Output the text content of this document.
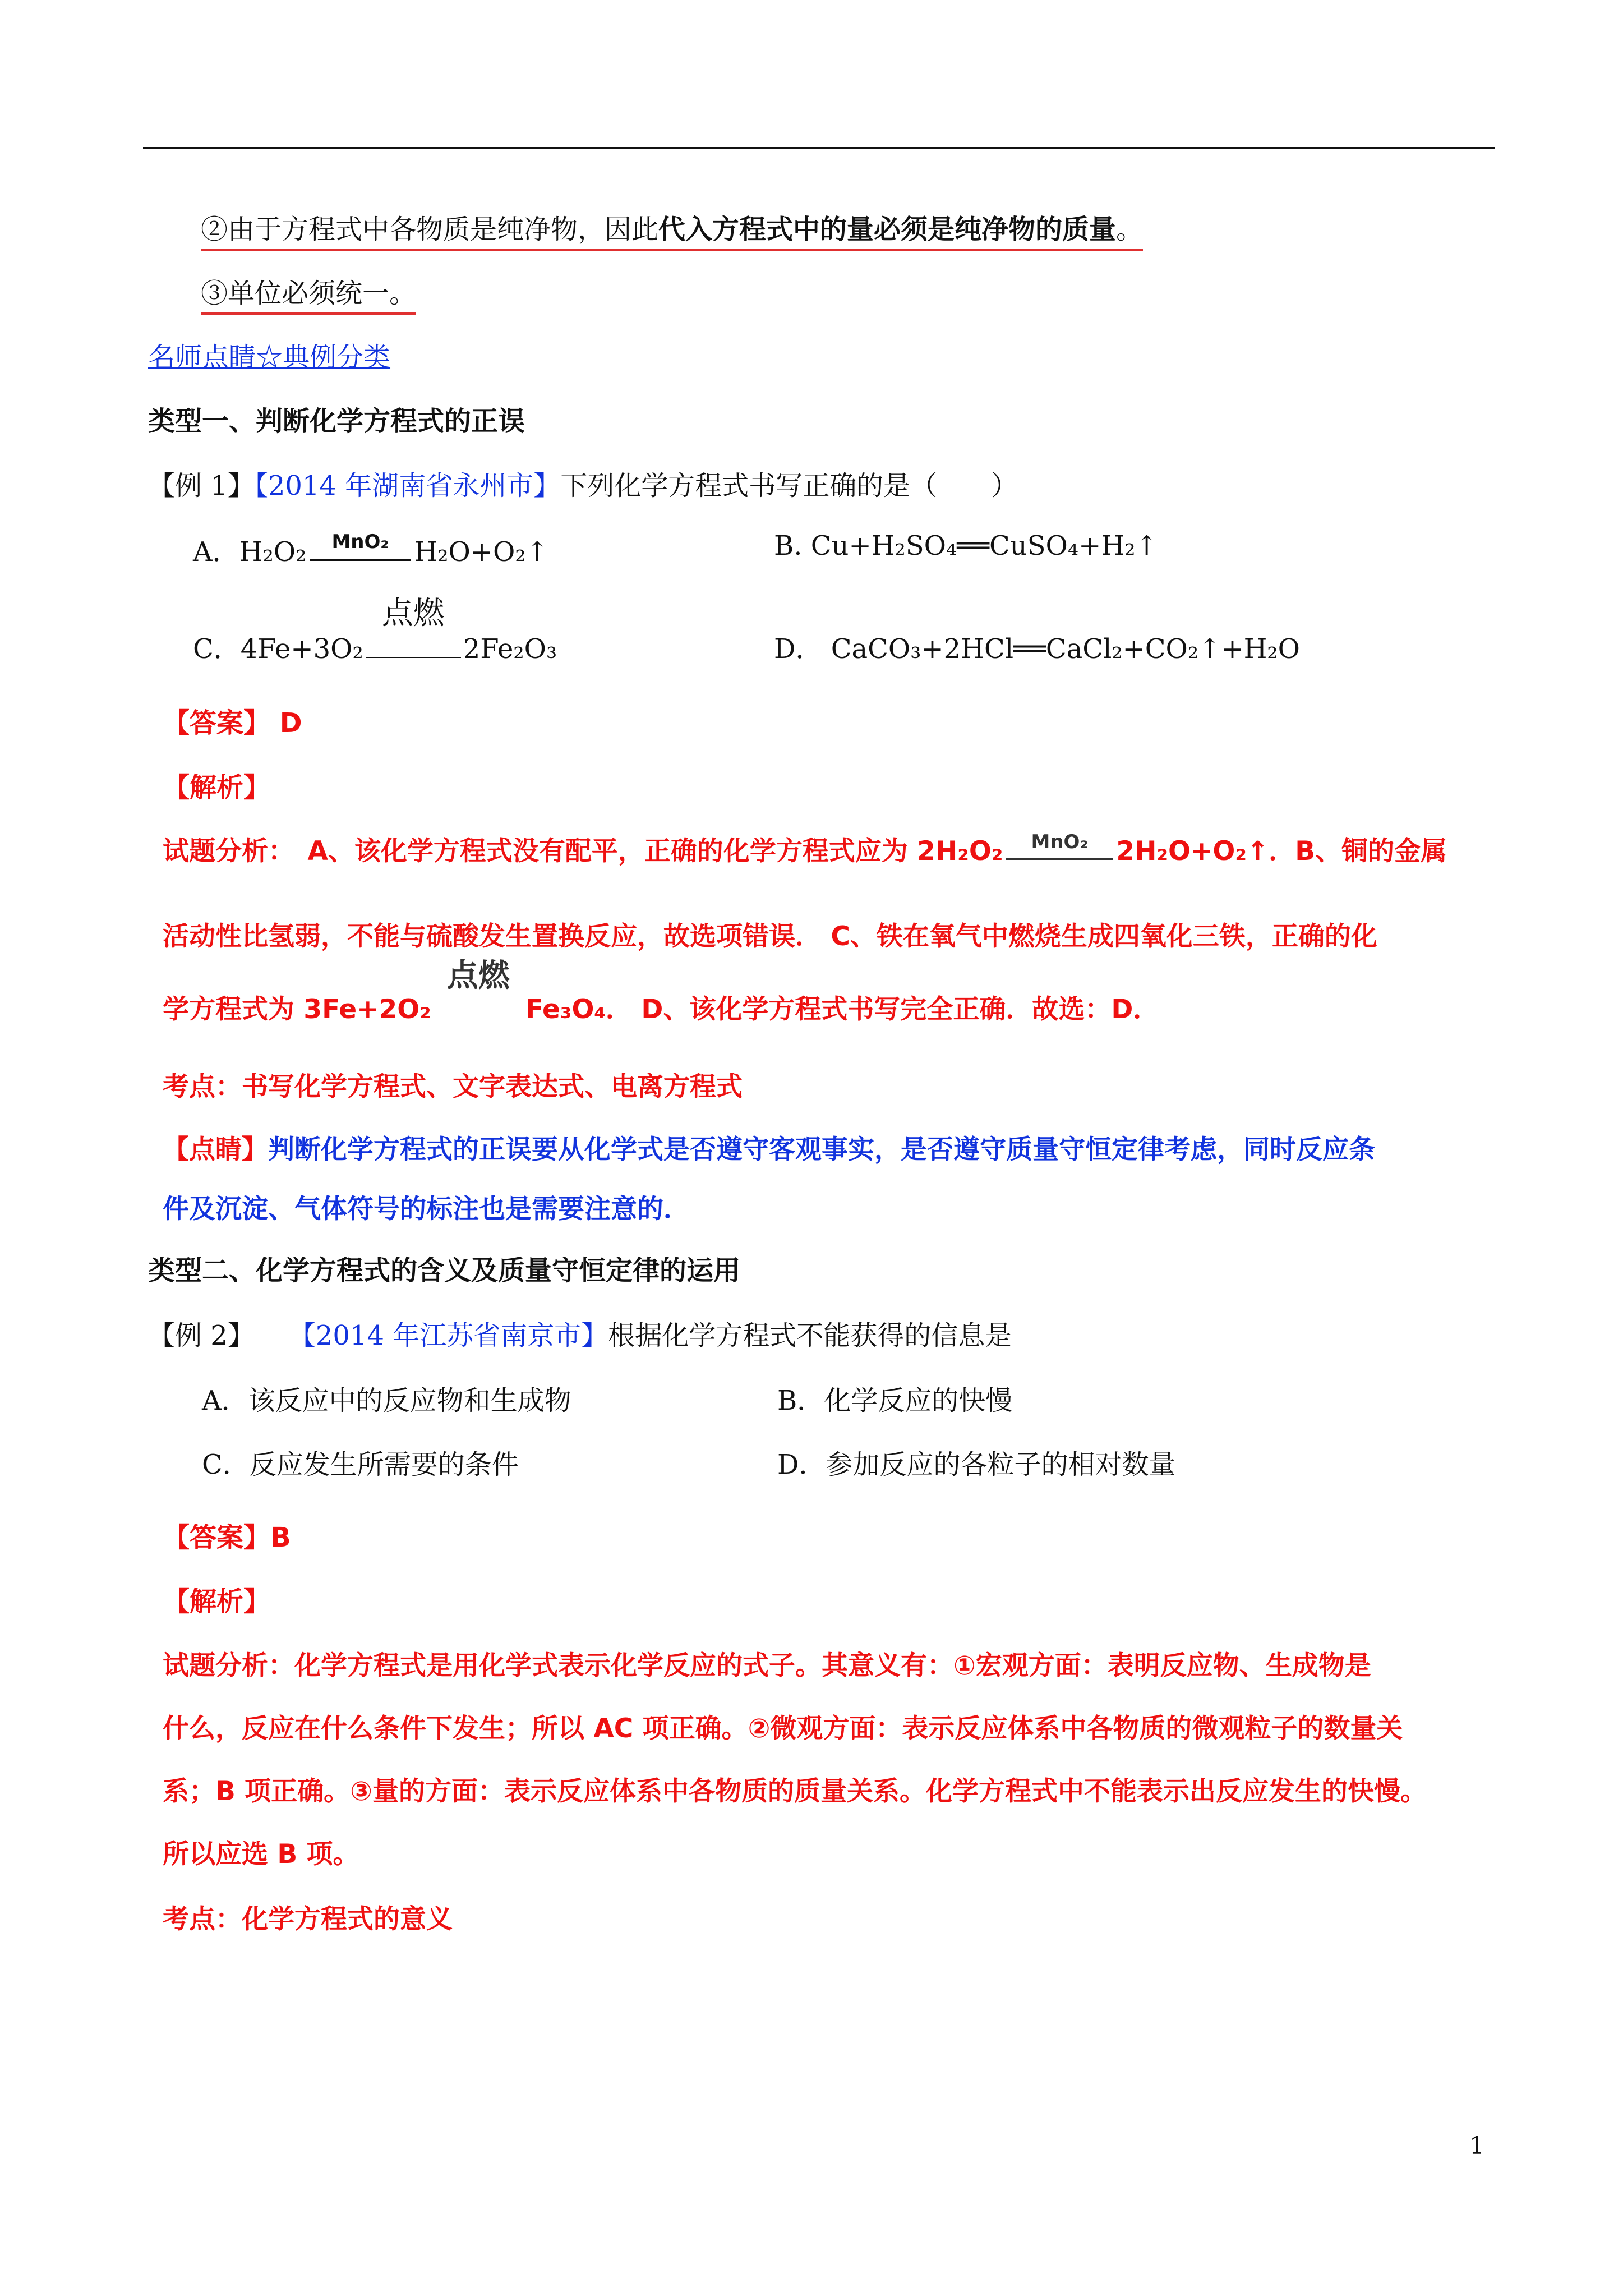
②由于方程式中各物质是纯净物，因此代入方程式中的量必须是纯净物的质量。
③单位必须统一。
名师点睛☆典例分类
类型一、判断化学方程式的正误
【例 1】【2014 年湖南省永州市】下列化学方程式书写正确的是（　　）
A．H₂O₂	MnO₂ H₂O+O₂↑	B. Cu+H₂SO₄══CuSO₄+H₂↑
C．4Fe+3O₂
点燃
2Fe₂O₃	D． CaCO₃+2HCl══CaCl₂+CO₂↑+H₂O
【答案】 D
【解析】
试题分析：　A、该化学方程式没有配平，正确的化学方程式应为 2H₂O₂	MnO₂	2H₂O+O₂↑．B、铜的金属
活动性比氢弱，不能与硫酸发生置换反应，故选项错误． C、铁在氧气中燃烧生成四氧化三铁，正确的化
学方程式为 3Fe+2O₂
点燃
Fe₃O₄． D、该化学方程式书写完全正确．故选：D．
考点：书写化学方程式、文字表达式、电离方程式
【点睛】判断化学方程式的正误要从化学式是否遵守客观事实，是否遵守质量守恒定律考虑，同时反应条
件及沉淀、气体符号的标注也是需要注意的．
类型二、化学方程式的含义及质量守恒定律的运用
【例 2】 【2014 年江苏省南京市】根据化学方程式不能获得的信息是
A．该反应中的反应物和生成物	B．化学反应的快慢
C．反应发生所需要的条件	D．参加反应的各粒子的相对数量
【答案】B
【解析】
试题分析：化学方程式是用化学式表示化学反应的式子。其意义有：①宏观方面：表明反应物、生成物是
什么，反应在什么条件下发生；所以 AC 项正确。②微观方面：表示反应体系中各物质的微观粒子的数量关
系；B 项正确。③量的方面：表示反应体系中各物质的质量关系。化学方程式中不能表示出反应发生的快慢。
所以应选 B 项。
考点：化学方程式的意义
1
